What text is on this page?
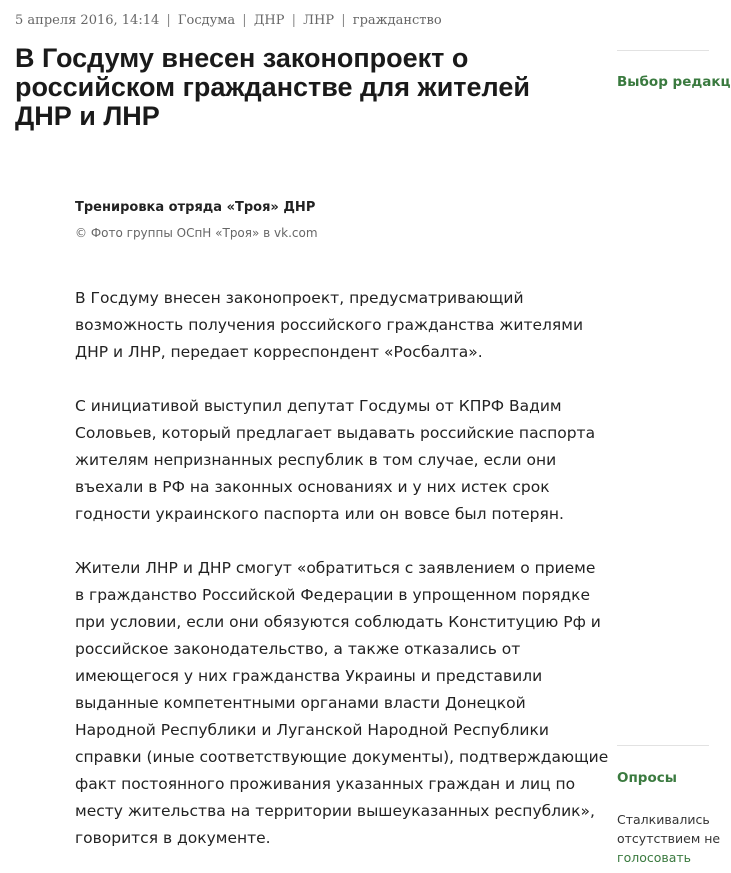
5 апреля 2016, 14:14 | Госдума | ДНР | ЛНР | гражданство
В Госдуму внесен законопроект о
российском гражданстве для жителей
ДНР и ЛНР
Тренировка отряда «Троя» ДНР
© Фото группы ОСпН «Троя» в vk.com

В Госдуму внесен законопроект, предусматривающий
возможность получения российского гражданства жителями
ДНР и ЛНР, передает корреспондент «Росбалта».

С инициативой выступил депутат Госдумы от КПРФ Вадим
Соловьев, который предлагает выдавать российские паспорта
жителям непризнанных республик в том случае, если они
въехали в РФ на законных основаниях и у них истек срок
годности украинского паспорта или он вовсе был потерян.

Жители ЛНР и ДНР смогут «обратиться с заявлением о приеме
в гражданство Российской Федерации в упрощенном порядке
при условии, если они обязуются соблюдать Конституцию Рф и
российское законодательство, а также отказались от
имеющегося у них гражданства Украины и представили
выданные компетентными органами власти Донецкой
Народной Республики и Луганской Народной Республики
справки (иные соответствующие документы), подтверждающие
факт постоянного проживания указанных граждан и лиц по
месту жительства на территории вышеуказанных республик»,
говорится в документе.

Выбор редакц
Опросы
Сталкивались
отсутствием не
голосовать
